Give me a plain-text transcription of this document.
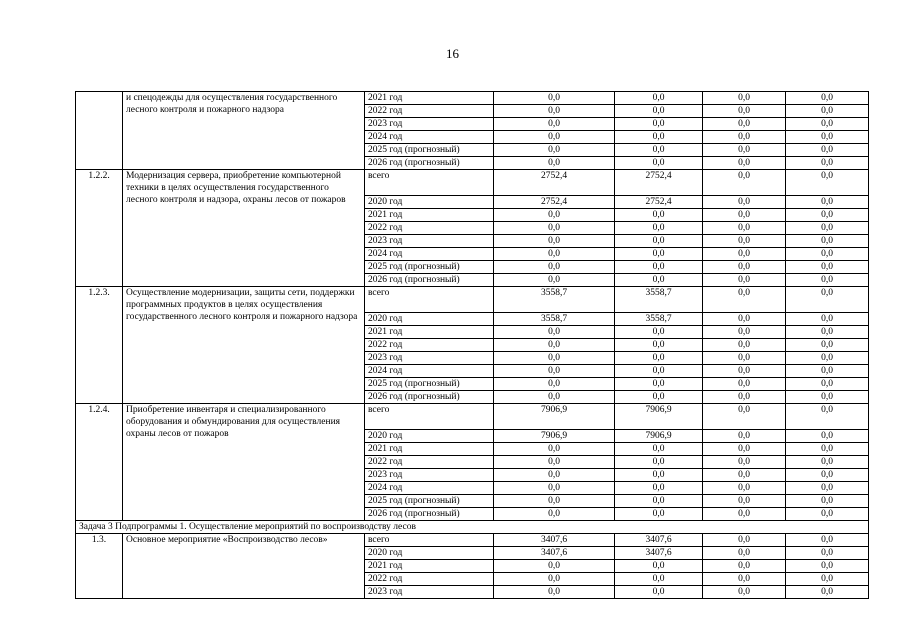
16
	и спецодежды для осуществления государственного лесного контроля и пожарного надзора	2021 год	0,0	0,0	0,0	0,0
		2022 год	0,0	0,0	0,0	0,0
		2023 год	0,0	0,0	0,0	0,0
		2024 год	0,0	0,0	0,0	0,0
		2025 год (прогнозный)	0,0	0,0	0,0	0,0
		2026 год (прогнозный)	0,0	0,0	0,0	0,0
1.2.2.	Модернизация сервера, приобретение компьютерной техники в целях осуществления государственного лесного контроля и надзора, охраны лесов от пожаров	всего	2752,4	2752,4	0,0	0,0
		2020 год	2752,4	2752,4	0,0	0,0
		2021 год	0,0	0,0	0,0	0,0
		2022 год	0,0	0,0	0,0	0,0
		2023 год	0,0	0,0	0,0	0,0
		2024 год	0,0	0,0	0,0	0,0
		2025 год (прогнозный)	0,0	0,0	0,0	0,0
		2026 год (прогнозный)	0,0	0,0	0,0	0,0
1.2.3.	Осуществление модернизации, защиты сети, поддержки программных продуктов в целях осуществления государственного лесного контроля и пожарного надзора	всего	3558,7	3558,7	0,0	0,0
		2020 год	3558,7	3558,7	0,0	0,0
		2021 год	0,0	0,0	0,0	0,0
		2022 год	0,0	0,0	0,0	0,0
		2023 год	0,0	0,0	0,0	0,0
		2024 год	0,0	0,0	0,0	0,0
		2025 год (прогнозный)	0,0	0,0	0,0	0,0
		2026 год (прогнозный)	0,0	0,0	0,0	0,0
1.2.4.	Приобретение инвентаря и специализированного оборудования и обмундирования для осуществления охраны лесов от пожаров	всего	7906,9	7906,9	0,0	0,0
		2020 год	7906,9	7906,9	0,0	0,0
		2021 год	0,0	0,0	0,0	0,0
		2022 год	0,0	0,0	0,0	0,0
		2023 год	0,0	0,0	0,0	0,0
		2024 год	0,0	0,0	0,0	0,0
		2025 год (прогнозный)	0,0	0,0	0,0	0,0
		2026 год (прогнозный)	0,0	0,0	0,0	0,0
Задача 3 Подпрограммы 1. Осуществление мероприятий по воспроизводству лесов						
1.3.	Основное мероприятие «Воспроизводство лесов»	всего	3407,6	3407,6	0,0	0,0
		2020 год	3407,6	3407,6	0,0	0,0
		2021 год	0,0	0,0	0,0	0,0
		2022 год	0,0	0,0	0,0	0,0
		2023 год	0,0	0,0	0,0	0,0
